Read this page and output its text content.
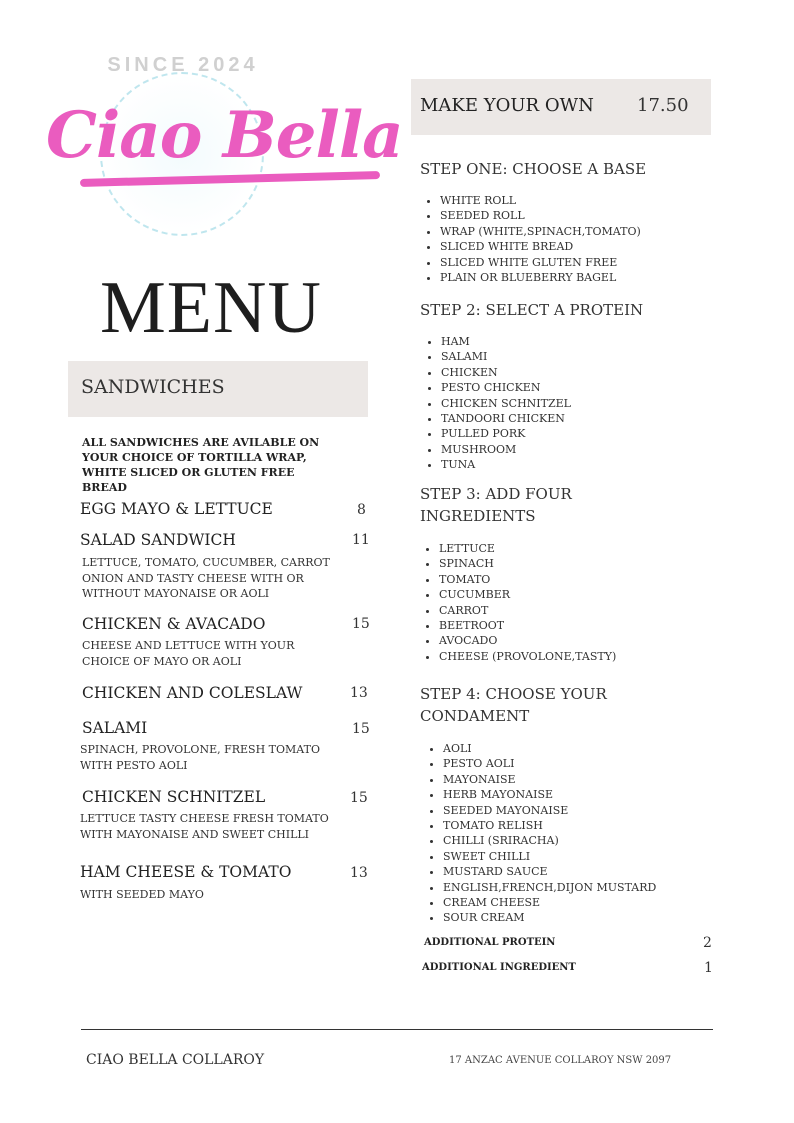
SINCE 2024
Ciao Bella
MENU
SANDWICHES
ALL SANDWICHES ARE AVILABLE ON YOUR CHOICE OF TORTILLA WRAP, WHITE SLICED OR GLUTEN FREE BREAD
EGG MAYO & LETTUCE	8
SALAD SANDWICH	11
LETTUCE, TOMATO, CUCUMBER, CARROT ONION AND TASTY CHEESE WITH OR WITHOUT MAYONAISE OR AOLI
CHICKEN & AVACADO	15
CHEESE AND LETTUCE WITH YOUR CHOICE OF MAYO OR AOLI
CHICKEN AND COLESLAW	13
SALAMI	15
SPINACH, PROVOLONE, FRESH TOMATO WITH PESTO AOLI
CHICKEN SCHNITZEL	15
LETTUCE TASTY CHEESE FRESH TOMATO WITH MAYONAISE AND SWEET CHILLI
HAM CHEESE & TOMATO	13
WITH SEEDED MAYO
MAKE YOUR OWN 17.50
STEP ONE: CHOOSE A BASE
• WHITE ROLL
• SEEDED ROLL
• WRAP (WHITE,SPINACH,TOMATO)
• SLICED WHITE BREAD
• SLICED WHITE GLUTEN FREE
• PLAIN OR BLUEBERRY BAGEL
STEP 2: SELECT A PROTEIN
• HAM
• SALAMI
• CHICKEN
• PESTO CHICKEN
• CHICKEN SCHNITZEL
• TANDOORI CHICKEN
• PULLED PORK
• MUSHROOM
• TUNA
STEP 3: ADD FOUR INGREDIENTS
• LETTUCE
• SPINACH
• TOMATO
• CUCUMBER
• CARROT
• BEETROOT
• AVOCADO
• CHEESE (PROVOLONE,TASTY)
STEP 4: CHOOSE YOUR CONDAMENT
• AOLI
• PESTO AOLI
• MAYONAISE
• HERB MAYONAISE
• SEEDED MAYONAISE
• TOMATO RELISH
• CHILLI (SRIRACHA)
• SWEET CHILLI
• MUSTARD SAUCE
• ENGLISH,FRENCH,DIJON MUSTARD
• CREAM CHEESE
• SOUR CREAM
ADDITIONAL PROTEIN	2
ADDITIONAL INGREDIENT	1
CIAO BELLA COLLAROY	17 ANZAC AVENUE COLLAROY NSW 2097
